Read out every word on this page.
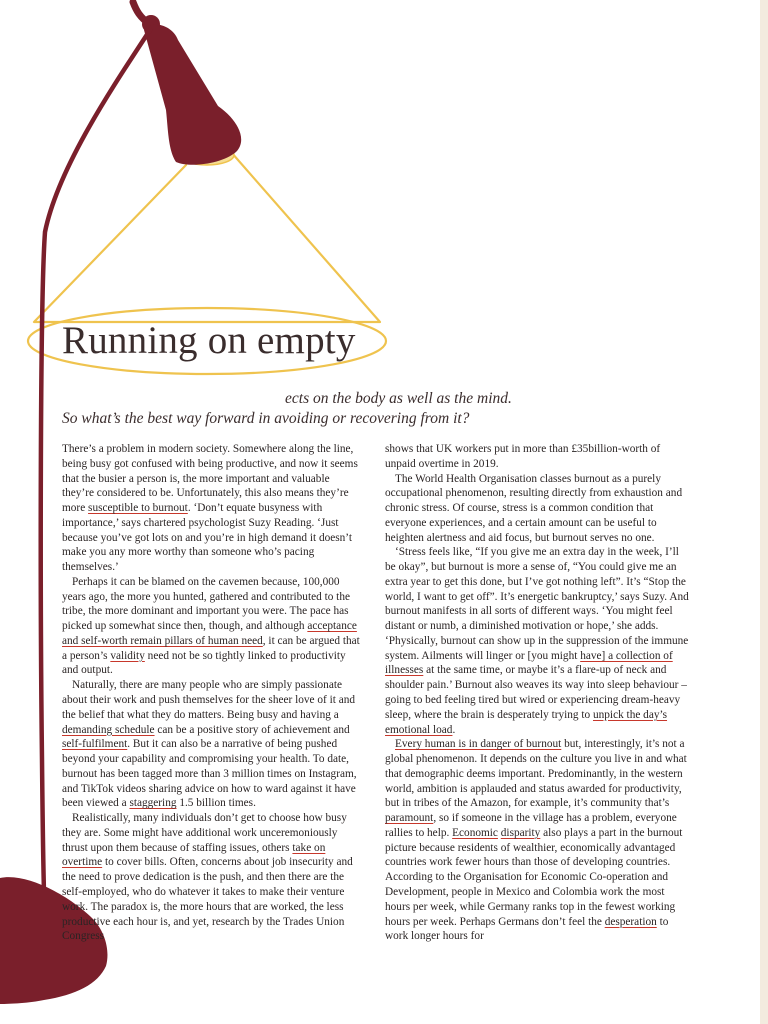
Running on empty
ects on the body as well as the mind.
So what’s the best way forward in avoiding or recovering from it?

There’s a problem in modern society. Somewhere along the line, being busy got confused with being productive, and now it seems that the busier a person is, the more important and valuable they’re considered to be. Unfortunately, this also means they’re more susceptible to burnout. ‘Don’t equate busyness with importance,’ says chartered psychologist Suzy Reading. ‘Just because you’ve got lots on and you’re in high demand it doesn’t make you any more worthy than someone who’s pacing themselves.’

Perhaps it can be blamed on the cavemen because, 100,000 years ago, the more you hunted, gathered and contributed to the tribe, the more dominant and important you were. The pace has picked up somewhat since then, though, and although acceptance and self-worth remain pillars of human need, it can be argued that a person’s validity need not be so tightly linked to productivity and output.

Naturally, there are many people who are simply passionate about their work and push themselves for the sheer love of it and the belief that what they do matters. Being busy and having a demanding schedule can be a positive story of achievement and self-fulfilment. But it can also be a narrative of being pushed beyond your capability and compromising your health. To date, burnout has been tagged more than 3 million times on Instagram, and TikTok videos sharing advice on how to ward against it have been viewed a staggering 1.5 billion times.

Realistically, many individuals don’t get to choose how busy they are. Some might have additional work unceremoniously thrust upon them because of staffing issues, others take on overtime to cover bills. Often, concerns about job insecurity and the need to prove dedication is the push, and then there are the self-employed, who do whatever it takes to make their venture work. The paradox is, the more hours that are worked, the less productive each hour is, and yet, research by the Trades Union Congress

shows that UK workers put in more than £35billion-worth of unpaid overtime in 2019.

The World Health Organisation classes burnout as a purely occupational phenomenon, resulting directly from exhaustion and chronic stress. Of course, stress is a common condition that everyone experiences, and a certain amount can be useful to heighten alertness and aid focus, but burnout serves no one.

‘Stress feels like, “If you give me an extra day in the week, I’ll be okay”, but burnout is more a sense of, “You could give me an extra year to get this done, but I’ve got nothing left”. It’s “Stop the world, I want to get off”. It’s energetic bankruptcy,’ says Suzy. And burnout manifests in all sorts of different ways. ‘You might feel distant or numb, a diminished motivation or hope,’ she adds. ‘Physically, burnout can show up in the suppression of the immune system. Ailments will linger or [you might have] a collection of illnesses at the same time, or maybe it’s a flare-up of neck and shoulder pain.’ Burnout also weaves its way into sleep behaviour – going to bed feeling tired but wired or experiencing dream-heavy sleep, where the brain is desperately trying to unpick the day’s emotional load.

Every human is in danger of burnout but, interestingly, it’s not a global phenomenon. It depends on the culture you live in and what that demographic deems important. Predominantly, in the western world, ambition is applauded and status awarded for productivity, but in tribes of the Amazon, for example, it’s community that’s paramount, so if someone in the village has a problem, everyone rallies to help. Economic disparity also plays a part in the burnout picture because residents of wealthier, economically advantaged countries work fewer hours than those of developing countries. According to the Organisation for Economic Co-operation and Development, people in Mexico and Colombia work the most hours per week, while Germany ranks top in the fewest working hours per week. Perhaps Germans don’t feel the desperation to work longer hours for
